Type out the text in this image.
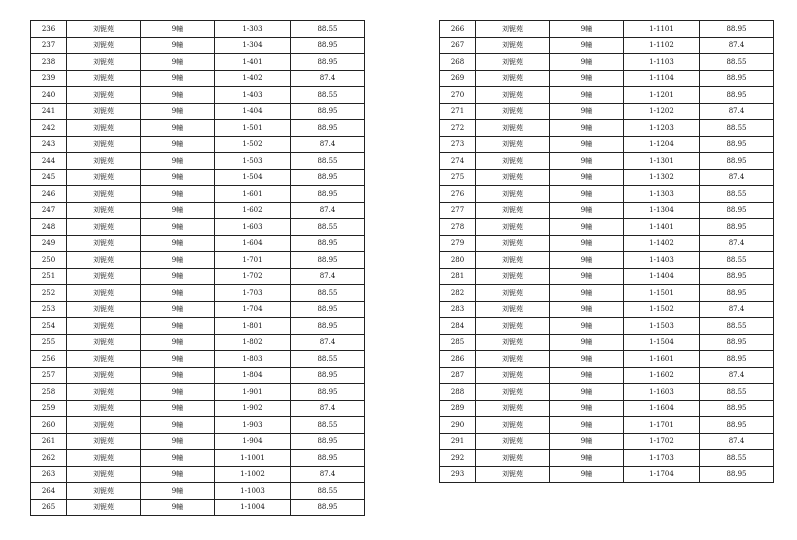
236	刘铌苑	9幢	1-303	88.55
237	刘铌苑	9幢	1-304	88.95
238	刘铌苑	9幢	1-401	88.95
239	刘铌苑	9幢	1-402	87.4
240	刘铌苑	9幢	1-403	88.55
241	刘铌苑	9幢	1-404	88.95
242	刘铌苑	9幢	1-501	88.95
243	刘铌苑	9幢	1-502	87.4
244	刘铌苑	9幢	1-503	88.55
245	刘铌苑	9幢	1-504	88.95
246	刘铌苑	9幢	1-601	88.95
247	刘铌苑	9幢	1-602	87.4
248	刘铌苑	9幢	1-603	88.55
249	刘铌苑	9幢	1-604	88.95
250	刘铌苑	9幢	1-701	88.95
251	刘铌苑	9幢	1-702	87.4
252	刘铌苑	9幢	1-703	88.55
253	刘铌苑	9幢	1-704	88.95
254	刘铌苑	9幢	1-801	88.95
255	刘铌苑	9幢	1-802	87.4
256	刘铌苑	9幢	1-803	88.55
257	刘铌苑	9幢	1-804	88.95
258	刘铌苑	9幢	1-901	88.95
259	刘铌苑	9幢	1-902	87.4
260	刘铌苑	9幢	1-903	88.55
261	刘铌苑	9幢	1-904	88.95
262	刘铌苑	9幢	1-1001	88.95
263	刘铌苑	9幢	1-1002	87.4
264	刘铌苑	9幢	1-1003	88.55
265	刘铌苑	9幢	1-1004	88.95
266	刘铌苑	9幢	1-1101	88.95
267	刘铌苑	9幢	1-1102	87.4
268	刘铌苑	9幢	1-1103	88.55
269	刘铌苑	9幢	1-1104	88.95
270	刘铌苑	9幢	1-1201	88.95
271	刘铌苑	9幢	1-1202	87.4
272	刘铌苑	9幢	1-1203	88.55
273	刘铌苑	9幢	1-1204	88.95
274	刘铌苑	9幢	1-1301	88.95
275	刘铌苑	9幢	1-1302	87.4
276	刘铌苑	9幢	1-1303	88.55
277	刘铌苑	9幢	1-1304	88.95
278	刘铌苑	9幢	1-1401	88.95
279	刘铌苑	9幢	1-1402	87.4
280	刘铌苑	9幢	1-1403	88.55
281	刘铌苑	9幢	1-1404	88.95
282	刘铌苑	9幢	1-1501	88.95
283	刘铌苑	9幢	1-1502	87.4
284	刘铌苑	9幢	1-1503	88.55
285	刘铌苑	9幢	1-1504	88.95
286	刘铌苑	9幢	1-1601	88.95
287	刘铌苑	9幢	1-1602	87.4
288	刘铌苑	9幢	1-1603	88.55
289	刘铌苑	9幢	1-1604	88.95
290	刘铌苑	9幢	1-1701	88.95
291	刘铌苑	9幢	1-1702	87.4
292	刘铌苑	9幢	1-1703	88.55
293	刘铌苑	9幢	1-1704	88.95
